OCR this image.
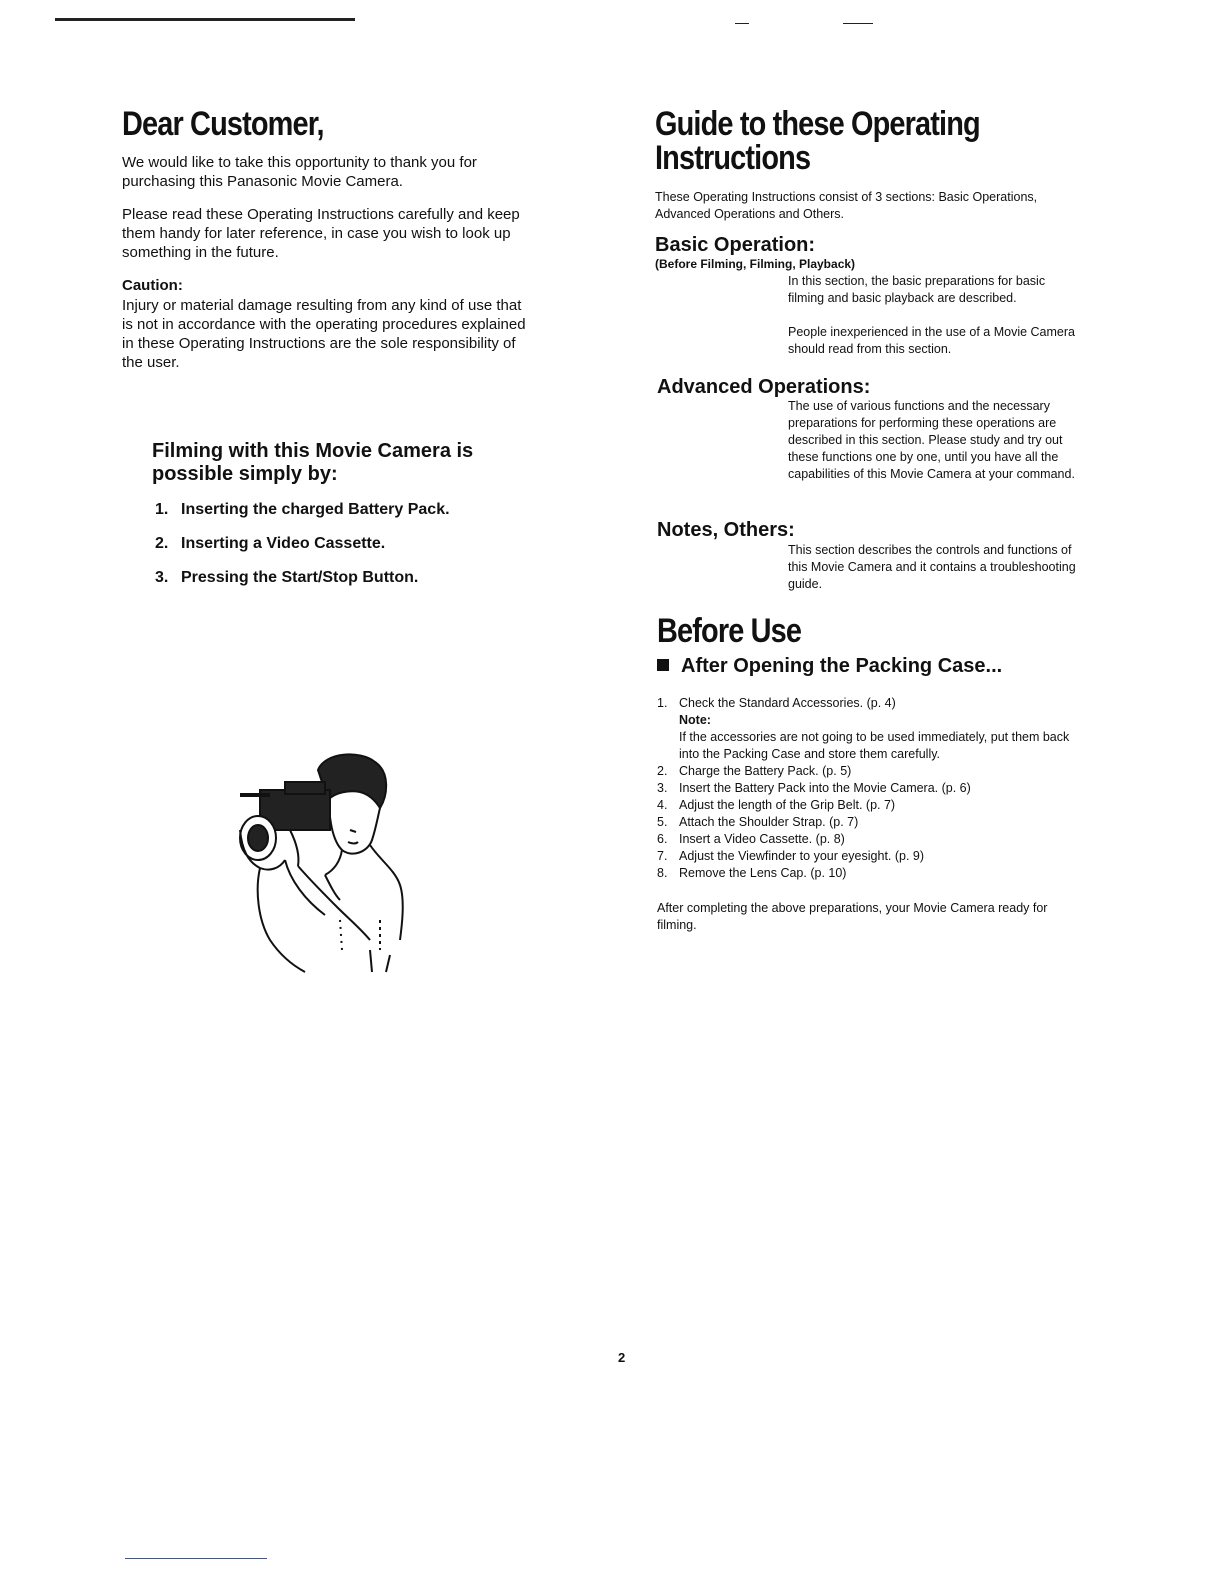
Dear Customer,

We would like to take this opportunity to thank you for purchasing this Panasonic Movie Camera.

Please read these Operating Instructions carefully and keep them handy for later reference, in case you wish to look up something in the future.

Caution:

Injury or material damage resulting from any kind of use that is not in accordance with the operating procedures explained in these Operating Instructions are the sole responsibility of the user.

Filming with this Movie Camera is possible simply by:

1. Inserting the charged Battery Pack.
2. Inserting a Video Cassette.
3. Pressing the Start/Stop Button.
Guide to these Operating
Instructions

These Operating Instructions consist of 3 sections: Basic Operations, Advanced Operations and Others.

Basic Operation:

(Before Filming, Filming, Playback)

In this section, the basic preparations for basic filming and basic playback are described.

People inexperienced in the use of a Movie Camera should read from this section.

Advanced Operations:

The use of various functions and the necessary preparations for performing these operations are described in this section. Please study and try out these functions one by one, until you have all the capabilities of this Movie Camera at your command.

Notes, Others:

This section describes the controls and functions of this Movie Camera and it contains a troubleshooting guide.

Before Use

After Opening the Packing Case...

1. Check the Standard Accessories. (p. 4)
Note:
If the accessories are not going to be used immediately, put them back into the Packing Case and store them carefully.
2. Charge the Battery Pack. (p. 5)
3. Insert the Battery Pack into the Movie Camera. (p. 6)
4. Adjust the length of the Grip Belt. (p. 7)
5. Attach the Shoulder Strap. (p. 7)
6. Insert a Video Cassette. (p. 8)
7. Adjust the Viewfinder to your eyesight. (p. 9)
8. Remove the Lens Cap. (p. 10)

After completing the above preparations, your Movie Camera ready for filming.

2
